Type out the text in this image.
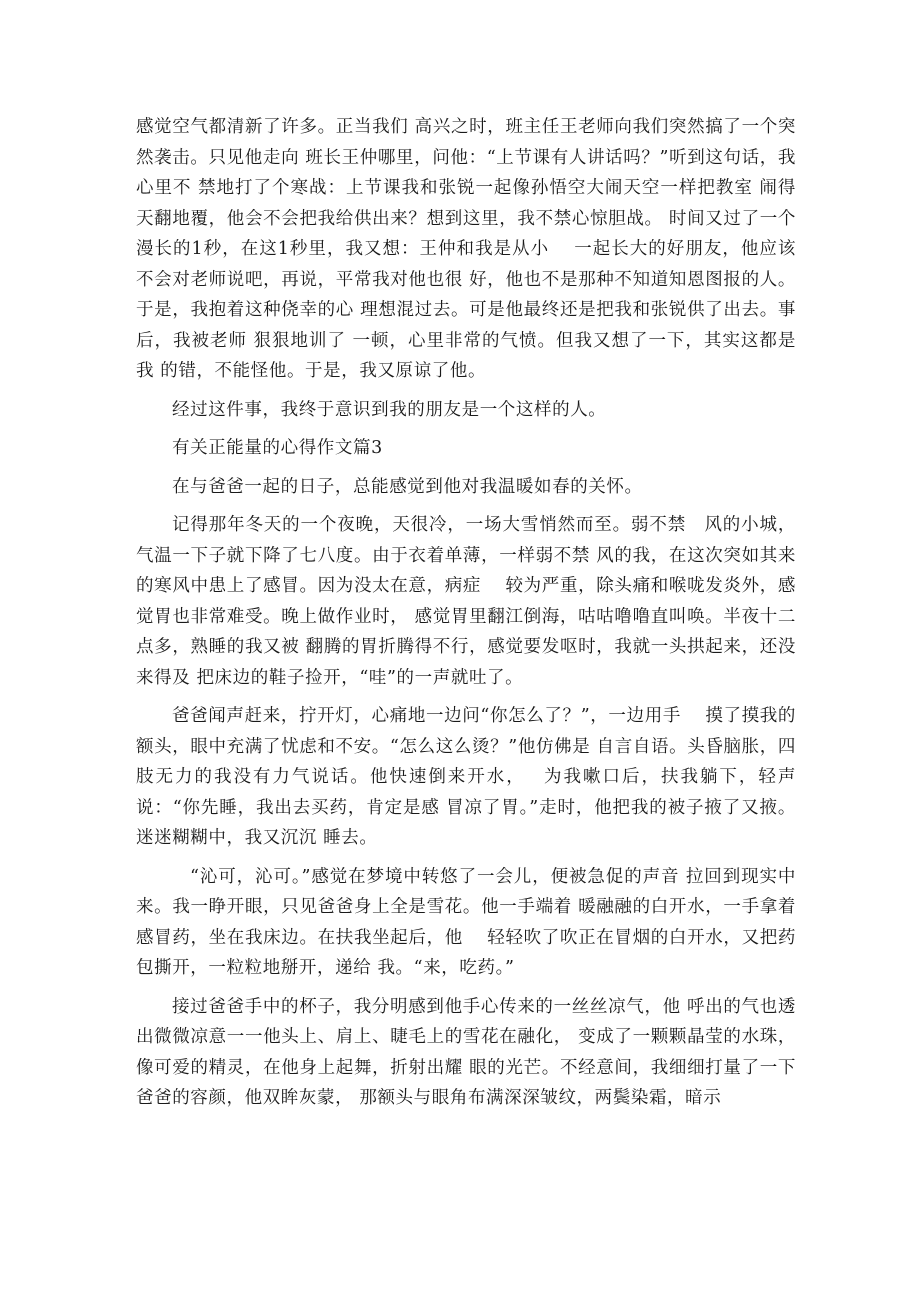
感觉空气都清新了许多。正当我们 高兴之时，班主任王老师向我们突然搞了一个突然袭击。只见他走向 班长王仲哪里，问他：“上节课有人讲话吗？”听到这句话，我心里不 禁地打了个寒战：上节课我和张锐一起像孙悟空大闹天空一样把教室 闹得天翻地覆，他会不会把我给供出来？想到这里，我不禁心惊胆战。 时间又过了一个漫长的1秒，在这1秒里，我又想：王仲和我是从小　 一起长大的好朋友，他应该不会对老师说吧，再说，平常我对他也很 好，他也不是那种不知道知恩图报的人。于是，我抱着这种侥幸的心 理想混过去。可是他最终还是把我和张锐供了出去。事后，我被老师 狠狠地训了 一顿，心里非常的气愤。但我又想了一下，其实这都是我 的错，不能怪他。于是，我又原谅了他。

经过这件事，我终于意识到我的朋友是一个这样的人。

有关正能量的心得作文篇3

在与爸爸一起的日子，总能感觉到他对我温暖如春的关怀。

记得那年冬天的一个夜晚，天很冷，一场大雪悄然而至。弱不禁　风的小城，气温一下子就下降了七八度。由于衣着单薄，一样弱不禁 风的我，在这次突如其来的寒风中患上了感冒。因为没太在意，病症　 较为严重，除头痛和喉咙发炎外，感觉胃也非常难受。晚上做作业时， 感觉胃里翻江倒海，咕咕噜噜直叫唤。半夜十二点多，熟睡的我又被 翻腾的胃折腾得不行，感觉要发呕时，我就一头拱起来，还没来得及 把床边的鞋子捡开，“哇”的一声就吐了。

爸爸闻声赶来，拧开灯，心痛地一边问“你怎么了？”，一边用手　 摸了摸我的额头，眼中充满了忧虑和不安。“怎么这么烫？”他仿佛是 自言自语。头昏脑胀，四肢无力的我没有力气说话。他快速倒来开水，　 为我嗽口后，扶我躺下，轻声说：“你先睡，我出去买药，肯定是感 冒凉了胃。”走时，他把我的被子掖了又掖。迷迷糊糊中，我又沉沉 睡去。

“沁可，沁可。”感觉在梦境中转悠了一会儿，便被急促的声音 拉回到现实中来。我一睁开眼，只见爸爸身上全是雪花。他一手端着 暖融融的白开水，一手拿着感冒药，坐在我床边。在扶我坐起后，他　 轻轻吹了吹正在冒烟的白开水，又把药包撕开，一粒粒地掰开，递给 我。“来，吃药。”

接过爸爸手中的杯子，我分明感到他手心传来的一丝丝凉气，他 呼出的气也透出微微凉意一一他头上、肩上、睫毛上的雪花在融化， 变成了一颗颗晶莹的水珠，像可爱的精灵，在他身上起舞，折射出耀 眼的光芒。不经意间，我细细打量了一下爸爸的容颜，他双眸灰蒙， 那额头与眼角布满深深皱纹，两鬓染霜，暗示
